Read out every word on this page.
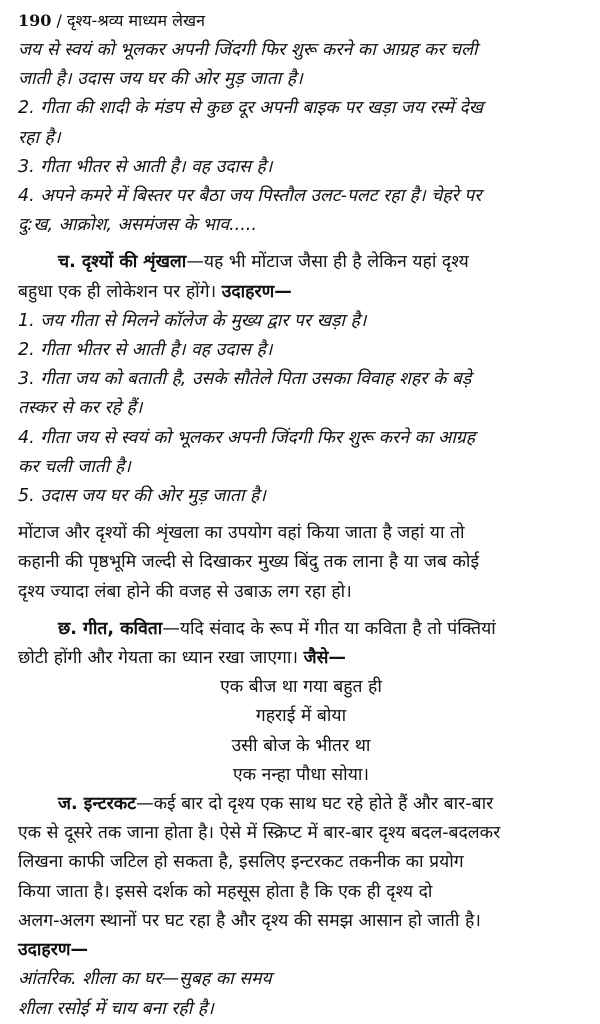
190 / दृश्य-श्रव्य माध्यम लेखन

जय से स्वयं को भूलकर अपनी जिंदगी फिर शुरू करने का आग्रह कर चली

जाती है। उदास जय घर की ओर मुड़ जाता है।

2. गीता की शादी के मंडप से कुछ दूर अपनी बाइक पर खड़ा जय रस्में देख

रहा है।

3. गीता भीतर से आती है। वह उदास है।

4. अपने कमरे में बिस्तर पर बैठा जय पिस्तौल उलट-पलट रहा है। चेहरे पर

दु:ख, आक्रोश, असमंजस के भाव.....

च. दृश्यों की शृंखला—यह भी मोंटाज जैसा ही है लेकिन यहां दृश्य

बहुधा एक ही लोकेशन पर होंगे। उदाहरण—

1. जय गीता से मिलने कॉलेज के मुख्य द्वार पर खड़ा है।

2. गीता भीतर से आती है। वह उदास है।

3. गीता जय को बताती है, उसके सौतेले पिता उसका विवाह शहर के बड़े

तस्कर से कर रहे हैं।

4. गीता जय से स्वयं को भूलकर अपनी जिंदगी फिर शुरू करने का आग्रह

कर चली जाती है।

5. उदास जय घर की ओर मुड़ जाता है।

मोंटाज और दृश्यों की शृंखला का उपयोग वहां किया जाता है जहां या तो

कहानी की पृष्ठभूमि जल्दी से दिखाकर मुख्य बिंदु तक लाना है या जब कोई

दृश्य ज्यादा लंबा होने की वजह से उबाऊ लग रहा हो।

छ. गीत, कविता—यदि संवाद के रूप में गीत या कविता है तो पंक्तियां

छोटी होंगी और गेयता का ध्यान रखा जाएगा। जैसे—

एक बीज था गया बहुत ही

गहराई में बोया

उसी बोज के भीतर था

एक नन्हा पौधा सोया।

ज. इन्टरकट—कई बार दो दृश्य एक साथ घट रहे होते हैं और बार-बार

एक से दूसरे तक जाना होता है। ऐसे में स्क्रिप्ट में बार-बार दृश्य बदल-बदलकर

लिखना काफी जटिल हो सकता है, इसलिए इन्टरकट तकनीक का प्रयोग

किया जाता है। इससे दर्शक को महसूस होता है कि एक ही दृश्य दो

अलग-अलग स्थानों पर घट रहा है और दृश्य की समझ आसान हो जाती है।

उदाहरण—

आंतरिक. शीला का घर—सुबह का समय

शीला रसोई में चाय बना रही है।
